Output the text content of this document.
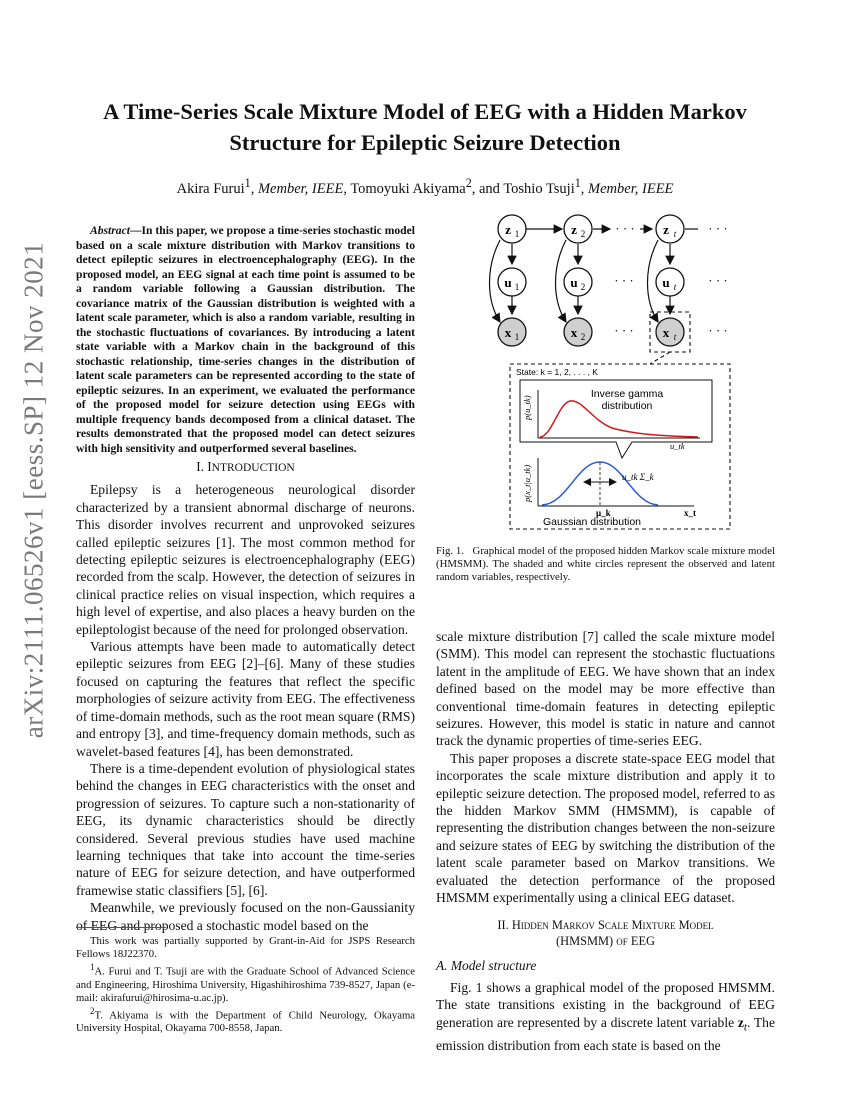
arXiv:2111.06526v1 [eess.SP] 12 Nov 2021
A Time-Series Scale Mixture Model of EEG with a Hidden Markov
Structure for Epileptic Seizure Detection
Akira Furui$^1$, Member, IEEE, Tomoyuki Akiyama$^2$, and Toshio Tsuji$^1$, Member, IEEE

Abstract—In this paper, we propose a time-series stochastic model based on a scale mixture distribution with Markov transitions to detect epileptic seizures in electroencephalography (EEG). In the proposed model, an EEG signal at each time point is assumed to be a random variable following a Gaussian distribution. The covariance matrix of the Gaussian distribution is weighted with a latent scale parameter, which is also a random variable, resulting in the stochastic fluctuations of covariances. By introducing a latent state variable with a Markov chain in the background of this stochastic relationship, time-series changes in the distribution of latent scale parameters can be represented according to the state of epileptic seizures. In an experiment, we evaluated the performance of the proposed model for seizure detection using EEGs with multiple frequency bands decomposed from a clinical dataset. The results demonstrated that the proposed model can detect seizures with high sensitivity and outperformed several baselines.

I. INTRODUCTION

Epilepsy is a heterogeneous neurological disorder characterized by a transient abnormal discharge of neurons. This disorder involves recurrent and unprovoked seizures called epileptic seizures [1]. The most common method for detecting epileptic seizures is electroencephalography (EEG) recorded from the scalp. However, the detection of seizures in clinical practice relies on visual inspection, which requires a high level of expertise, and also places a heavy burden on the epileptologist because of the need for prolonged observation.

Various attempts have been made to automatically detect epileptic seizures from EEG [2]–[6]. Many of these studies focused on capturing the features that reflect the specific morphologies of seizure activity from EEG. The effectiveness of time-domain methods, such as the root mean square (RMS) and entropy [3], and time-frequency domain methods, such as wavelet-based features [4], has been demonstrated.

There is a time-dependent evolution of physiological states behind the changes in EEG characteristics with the onset and progression of seizures. To capture such a non-stationarity of EEG, its dynamic characteristics should be directly considered. Several previous studies have used machine learning techniques that take into account the time-series nature of EEG for seizure detection, and have outperformed framewise static classifiers [5], [6].

Meanwhile, we previously focused on the non-Gaussianity of EEG and proposed a stochastic model based on the

This work was partially supported by Grant-in-Aid for JSPS Research Fellows 18J22370.

$^1$A. Furui and T. Tsuji are with the Graduate School of Advanced Science and Engineering, Hiroshima University, Higashihiroshima 739-8527, Japan (e-mail: akirafurui@hirosima-u.ac.jp).

$^2$T. Akiyama is with the Department of Child Neurology, Okayama University Hospital, Okayama 700-8558, Japan.

· · ·	· · ·
· · ·	· · ·
· · ·	· · ·
z 1	z 2	z t
u 1	u 2	u t
x 1	x 2	x t
State: k = 1, 2, . . . , K
Inverse gamma
distribution
p(u_tk)
u_tk
p(x_t|u_tk)	u_tk Σ_k
μ_k	x_t
Gaussian distribution
Fig. 1. Graphical model of the proposed hidden Markov scale mixture model (HMSMM). The shaded and white circles represent the observed and latent random variables, respectively.

scale mixture distribution [7] called the scale mixture model (SMM). This model can represent the stochastic fluctuations latent in the amplitude of EEG. We have shown that an index defined based on the model may be more effective than conventional time-domain features in detecting epileptic seizures. However, this model is static in nature and cannot track the dynamic properties of time-series EEG.

This paper proposes a discrete state-space EEG model that incorporates the scale mixture distribution and apply it to epileptic seizure detection. The proposed model, referred to as the hidden Markov SMM (HMSMM), is capable of representing the distribution changes between the non-seizure and seizure states of EEG by switching the distribution of the latent scale parameter based on Markov transitions. We evaluated the detection performance of the proposed HMSMM experimentally using a clinical EEG dataset.

II. Hidden Markov Scale Mixture Model
(HMSMM) of EEG
A. Model structure

Fig. 1 shows a graphical model of the proposed HMSMM. The state transitions existing in the background of EEG generation are represented by a discrete latent variable $z_t$. The emission distribution from each state is based on the
